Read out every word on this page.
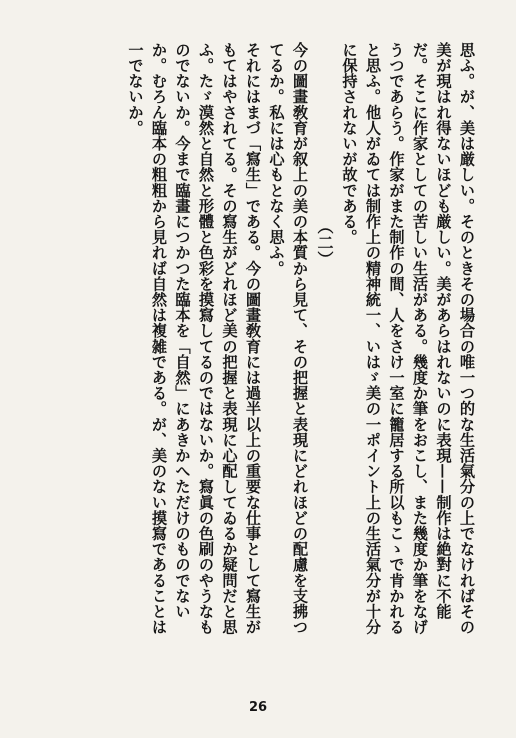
思ふ。が、美は厳しい。そのときその場合の唯一つ的な生活氣分の上でなければその美が現はれ得ないほども厳しい。美があらはれないのに表現——制作は絶對に不能だ。そこに作家としての苦しい生活がある。幾度か筆をおこし、また幾度か筆をなげうつであらう。作家がまた制作の間、人をさけ一室に籠居する所以もこゝで肯かれると思ふ。他人がゐては制作上の精神統一、いはゞ美の一ポイント上の生活氣分が十分に保持されないが故である。

（二）

今の圖畫敎育が叙上の美の本質から見て、その把握と表現にどれほどの配慮を支拂つてるか。私には心もとなく思ふ。

それにはまづ「寫生」である。今の圖畫敎育には過半以上の重要な仕事として寫生がもてはやされてる。その寫生がどれほど美の把握と表現に心配してゐるか疑問だと思ふ。たゞ漠然と自然と形體と色彩を摸寫してるのではないか。寫眞の色刷のやうなものでないか。今まで臨畫につかつた臨本を「自然」にあきかへただけのものでないか。むろん臨本の粗粗から見れば自然は複雑である。が、美のない摸寫であることは一でないか。

26
